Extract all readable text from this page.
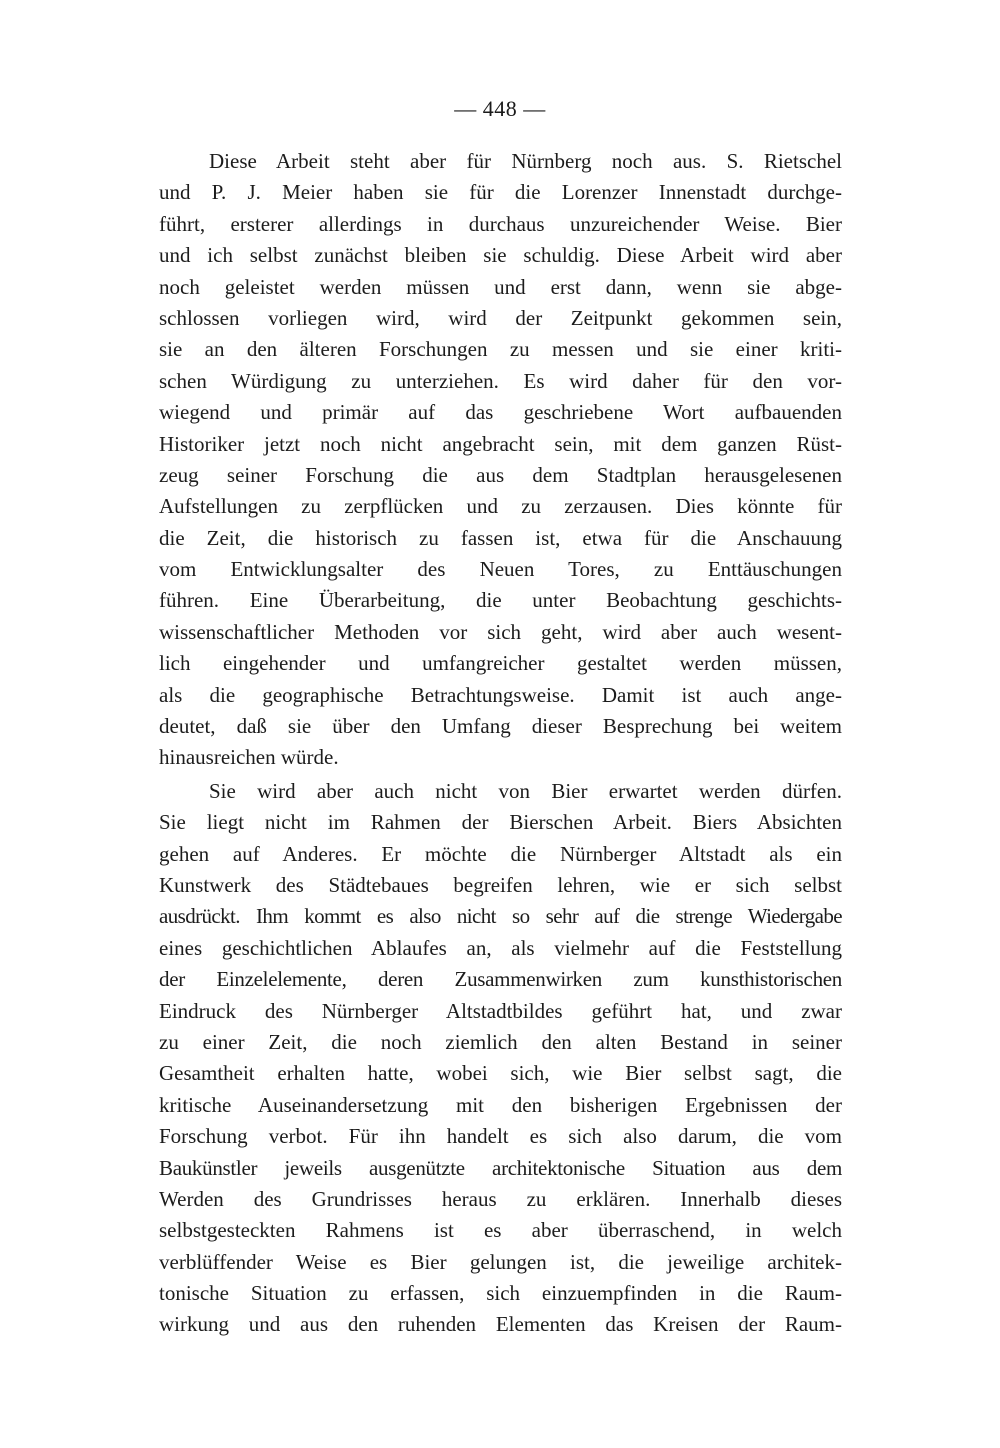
— 448 —
Diese Arbeit steht aber für Nürnberg noch aus. S. Rietschel
und P. J. Meier haben sie für die Lorenzer Innenstadt durchge-
führt, ersterer allerdings in durchaus unzureichender Weise. Bier
und ich selbst zunächst bleiben sie schuldig. Diese Arbeit wird aber
noch geleistet werden müssen und erst dann, wenn sie abge-
schlossen vorliegen wird, wird der Zeitpunkt gekommen sein,
sie an den älteren Forschungen zu messen und sie einer kriti-
schen Würdigung zu unterziehen. Es wird daher für den vor-
wiegend und primär auf das geschriebene Wort aufbauenden
Historiker jetzt noch nicht angebracht sein, mit dem ganzen Rüst-
zeug seiner Forschung die aus dem Stadtplan herausgelesenen
Aufstellungen zu zerpflücken und zu zerzausen. Dies könnte für
die Zeit, die historisch zu fassen ist, etwa für die Anschauung
vom Entwicklungsalter des Neuen Tores, zu Enttäuschungen
führen. Eine Überarbeitung, die unter Beobachtung geschichts-
wissenschaftlicher Methoden vor sich geht, wird aber auch wesent-
lich eingehender und umfangreicher gestaltet werden müssen,
als die geographische Betrachtungsweise. Damit ist auch ange-
deutet, daß sie über den Umfang dieser Besprechung bei weitem
hinausreichen würde.
Sie wird aber auch nicht von Bier erwartet werden dürfen.
Sie liegt nicht im Rahmen der Bierschen Arbeit. Biers Absichten
gehen auf Anderes. Er möchte die Nürnberger Altstadt als ein
Kunstwerk des Städtebaues begreifen lehren, wie er sich selbst
ausdrückt. Ihm kommt es also nicht so sehr auf die strenge Wiedergabe
eines geschichtlichen Ablaufes an, als vielmehr auf die Feststellung
der Einzelelemente, deren Zusammenwirken zum kunsthistorischen
Eindruck des Nürnberger Altstadtbildes geführt hat, und zwar
zu einer Zeit, die noch ziemlich den alten Bestand in seiner
Gesamtheit erhalten hatte, wobei sich, wie Bier selbst sagt, die
kritische Auseinandersetzung mit den bisherigen Ergebnissen der
Forschung verbot. Für ihn handelt es sich also darum, die vom
Baukünstler jeweils ausgenützte architektonische Situation aus dem
Werden des Grundrisses heraus zu erklären. Innerhalb dieses
selbstgesteckten Rahmens ist es aber überraschend, in welch
verblüffender Weise es Bier gelungen ist, die jeweilige architek-
tonische Situation zu erfassen, sich einzuempfinden in die Raum-
wirkung und aus den ruhenden Elementen das Kreisen der Raum-
